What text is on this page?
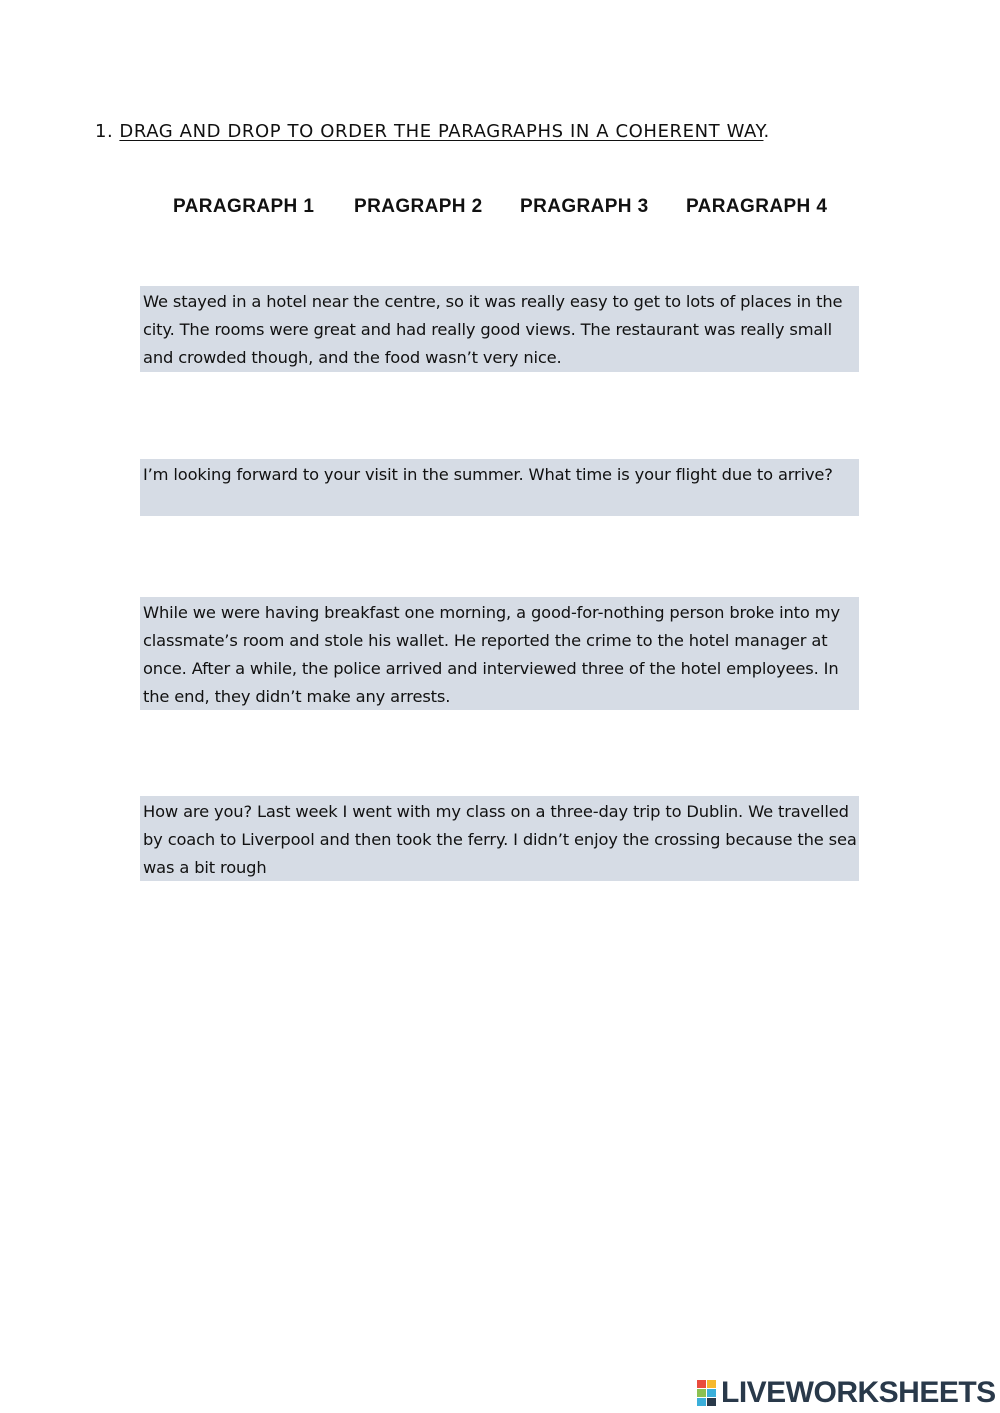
1. DRAG AND DROP TO ORDER THE PARAGRAPHS IN A COHERENT WAY.
PARAGRAPH 1 PRAGRAPH 2 PRAGRAPH 3 PARAGRAPH 4
We stayed in a hotel near the centre, so it was really easy to get to lots of places in the city. The rooms were great and had really good views. The restaurant was really small and crowded though, and the food wasn’t very nice.
I’m looking forward to your visit in the summer. What time is your flight due to arrive?
While we were having breakfast one morning, a good-for-nothing person broke into my classmate’s room and stole his wallet. He reported the crime to the hotel manager at once. After a while, the police arrived and interviewed three of the hotel employees. In the end, they didn’t make any arrests.
How are you? Last week I went with my class on a three-day trip to Dublin. We travelled by coach to Liverpool and then took the ferry. I didn’t enjoy the crossing because the sea was a bit rough
LIVEWORKSHEETS
